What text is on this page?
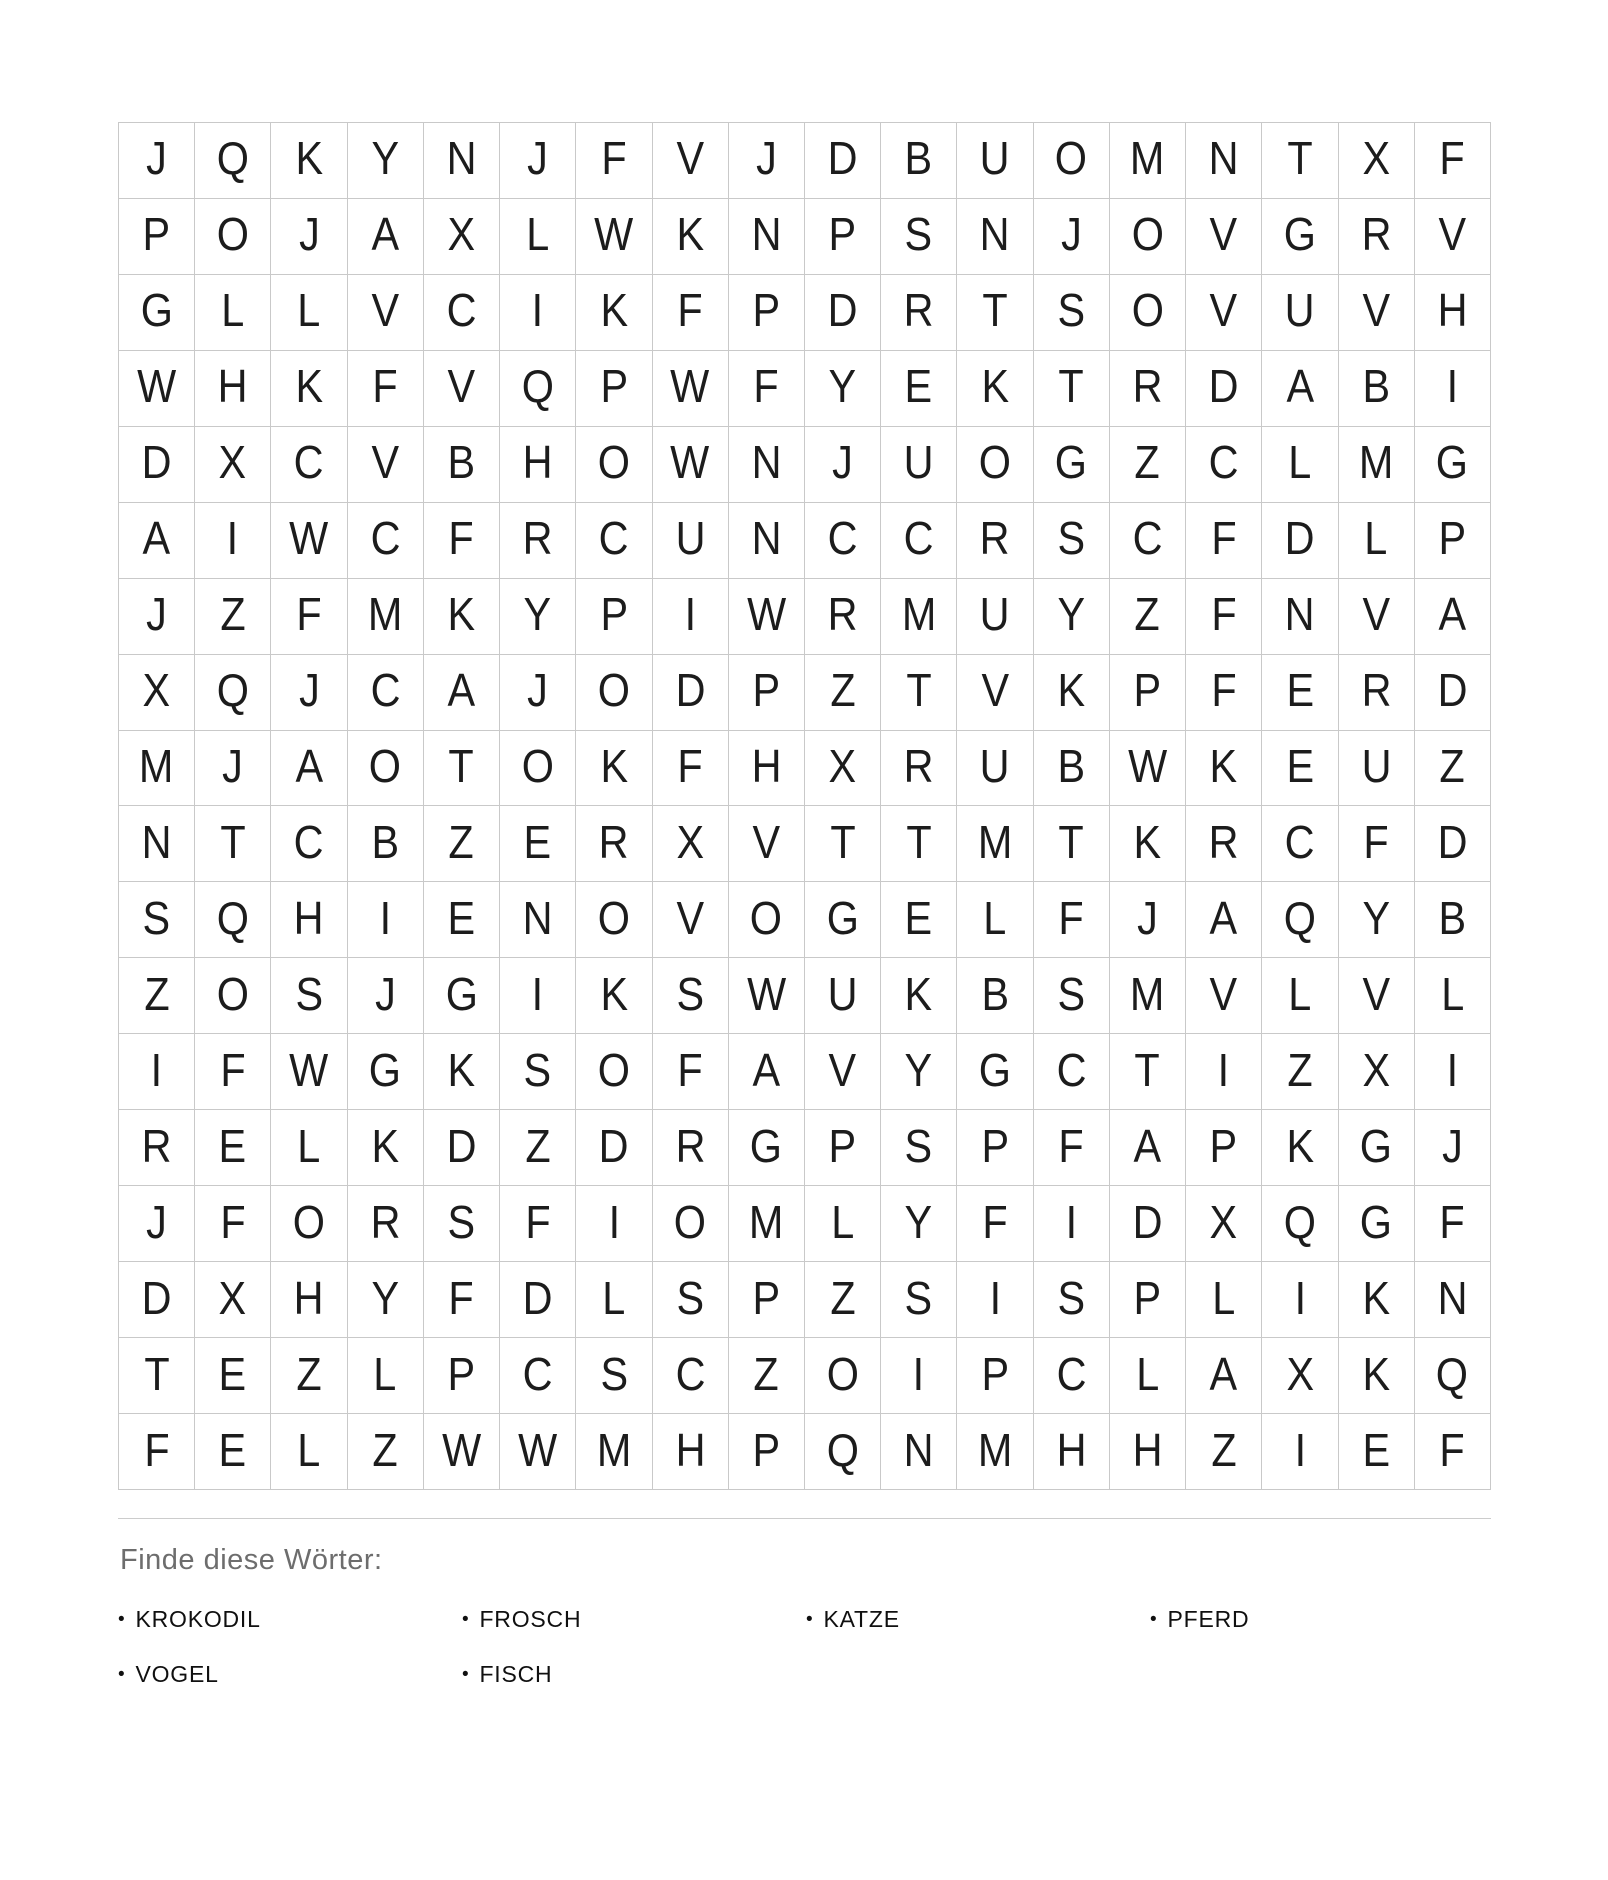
J Q K Y N J F V J D B U O M N T X F
P O J A X L W K N P S N J O V G R V
G L L V C I K F P D R T S O V U V H
W H K F V Q P W F Y E K T R D A B I
D X C V B H O W N J U O G Z C L M G
A I W C F R C U N C C R S C F D L P
J Z F M K Y P I W R M U Y Z F N V A
X Q J C A J O D P Z T V K P F E R D
M J A O T O K F H X R U B W K E U Z
N T C B Z E R X V T T M T K R C F D
S Q H I E N O V O G E L F J A Q Y B
Z O S J G I K S W U K B S M V L V L
I F W G K S O F A V Y G C T I Z X I
R E L K D Z D R G P S P F A P K G J
J F O R S F I O M L Y F I D X Q G F
D X H Y F D L S P Z S I S P L I K N
T E Z L P C S C Z O I P C L A X K Q
F E L Z W W M H P Q N M H H Z I E F
Finde diese Wörter:
• KROKODIL	• FROSCH	• KATZE	• PFERD
• VOGEL	• FISCH
